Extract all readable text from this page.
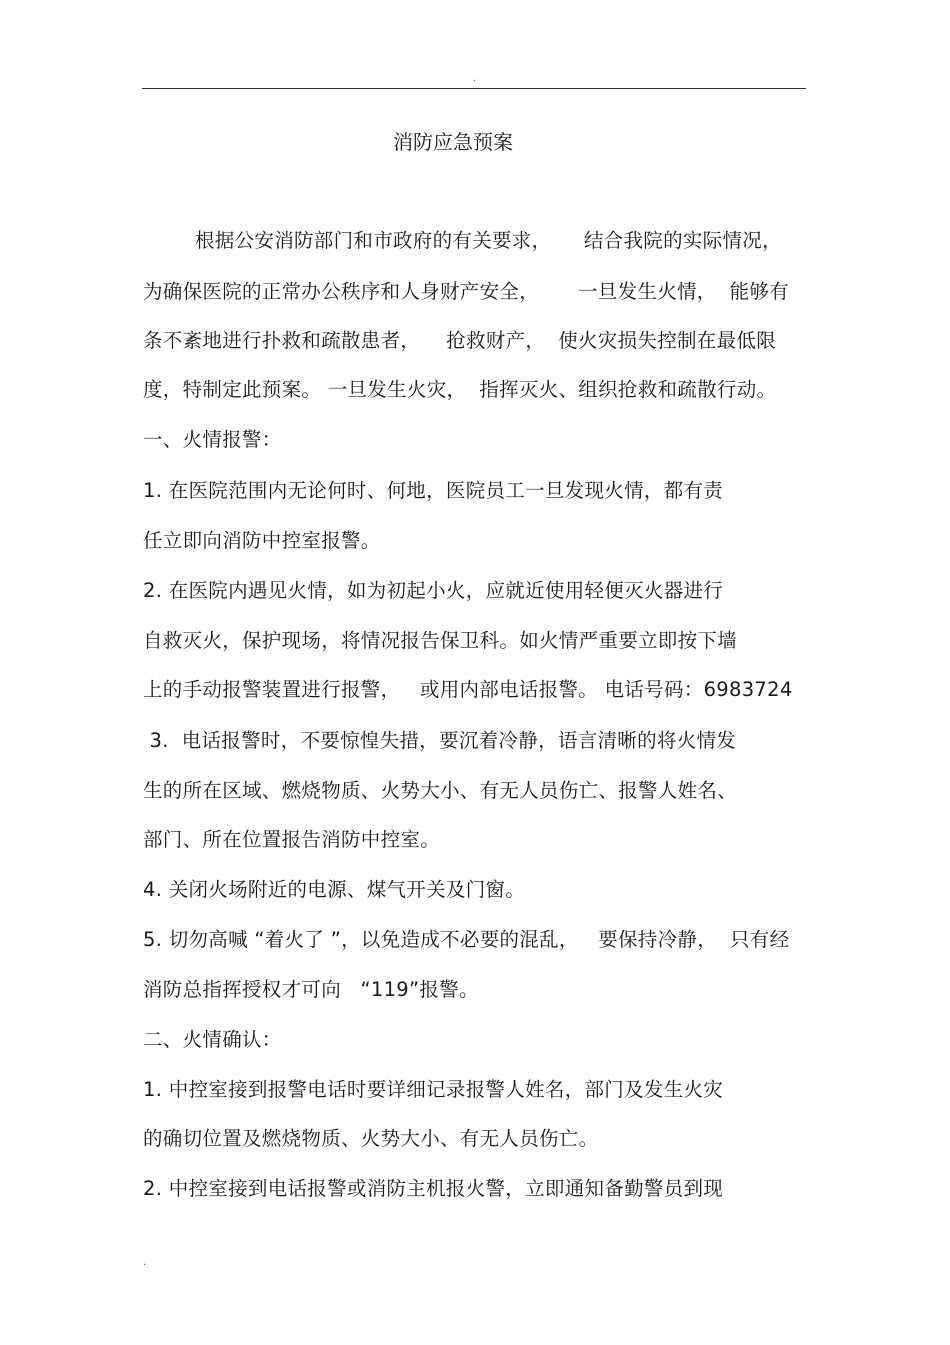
.
消防应急预案
根据公安消防部门和市政府的有关要求，     结合我院的实际情况，
为确保医院的正常办公秩序和人身财产安全，      一旦发生火情，  能够有
条不紊地进行扑救和疏散患者，    抢救财产，  使火灾损失控制在最低限
度，特制定此预案。 一旦发生火灾，  指挥灭火、组织抢救和疏散行动。
一、火情报警：
1. 在医院范围内无论何时、何地，医院员工一旦发现火情，都有责
任立即向消防中控室报警。
2. 在医院内遇见火情，如为初起小火，应就近使用轻便灭火器进行
自救灭火，保护现场，将情况报告保卫科。如火情严重要立即按下墙
上的手动报警装置进行报警，   或用内部电话报警。 电话号码：6983724
3.  电话报警时，不要惊惶失措，要沉着冷静，语言清晰的将火情发
生的所在区域、燃烧物质、火势大小、有无人员伤亡、报警人姓名、
部门、所在位置报告消防中控室。
4. 关闭火场附近的电源、煤气开关及门窗。
5. 切勿高喊 “着火了 ”，以免造成不必要的混乱，   要保持冷静，  只有经
消防总指挥授权才可向   “119”报警。
二、火情确认：
1. 中控室接到报警电话时要详细记录报警人姓名，部门及发生火灾
的确切位置及燃烧物质、火势大小、有无人员伤亡。
2. 中控室接到电话报警或消防主机报火警，立即通知备勤警员到现
.
